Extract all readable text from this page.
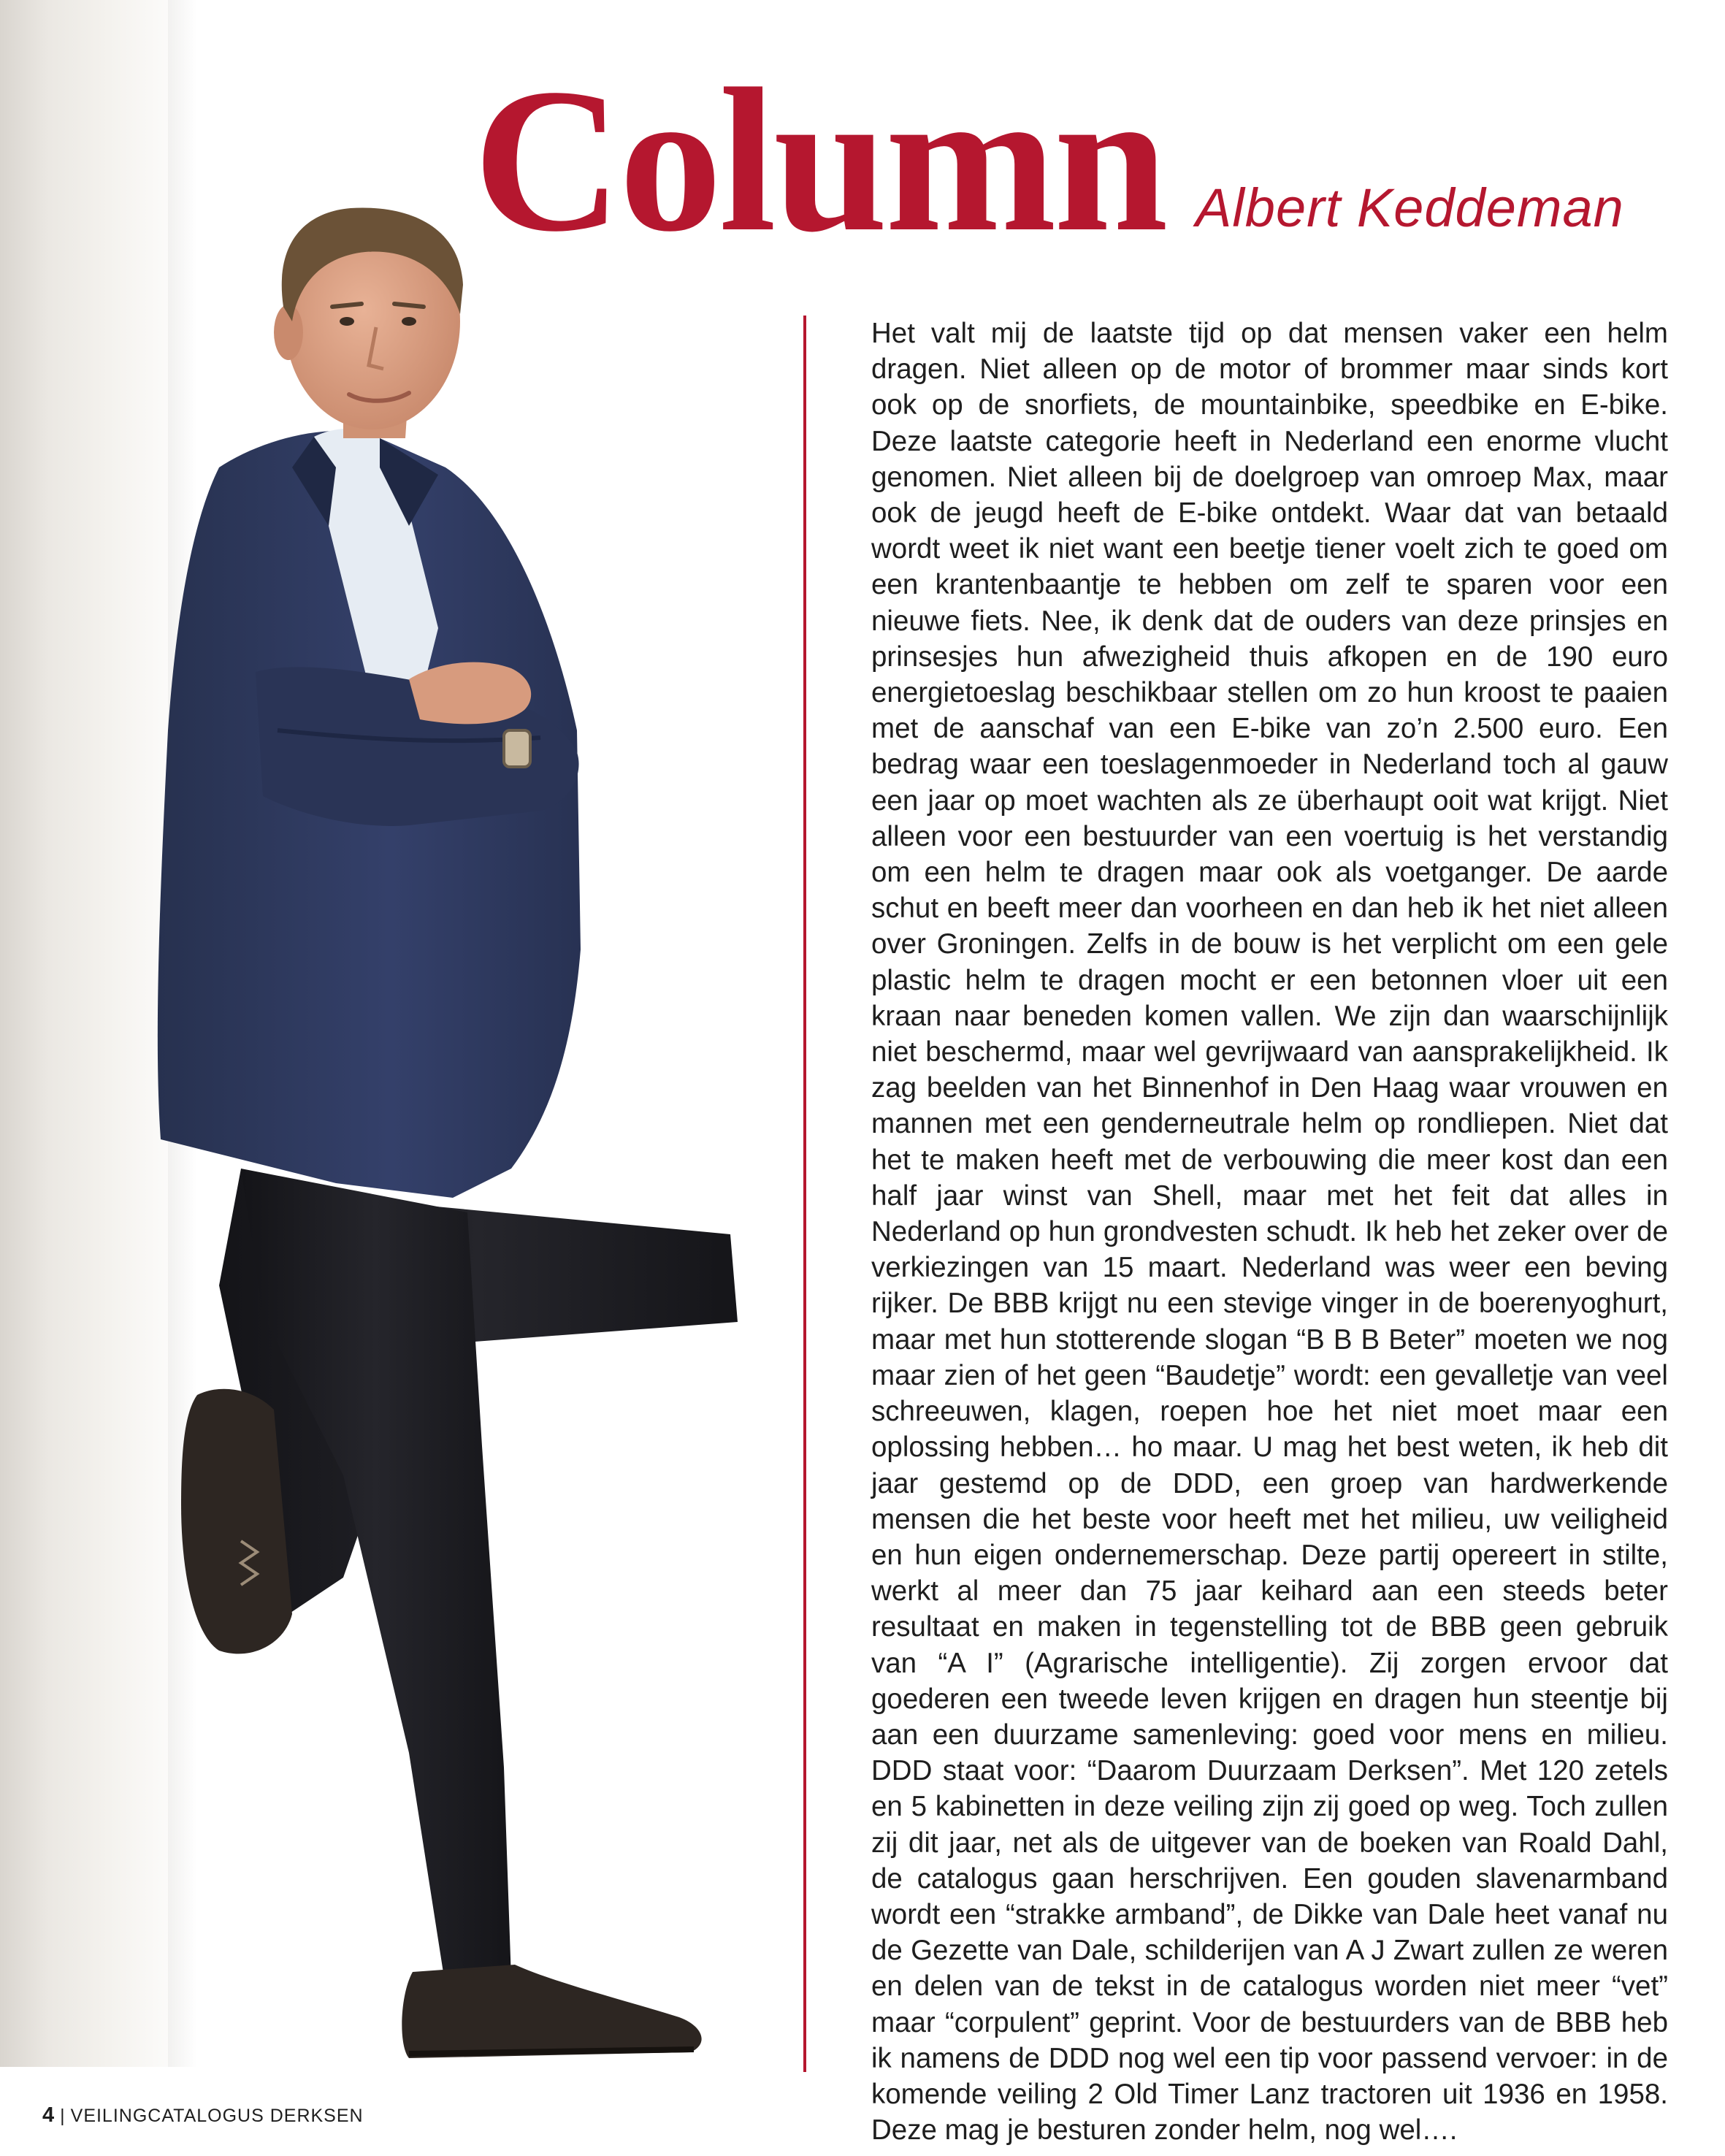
Column Albert Keddeman

Het valt mij de laatste tijd op dat mensen vaker een helm dragen. Niet alleen op de motor of brommer maar sinds kort ook op de snorfiets, de mountainbike, speedbike en E-bike. Deze laatste categorie heeft in Nederland een enorme vlucht genomen. Niet alleen bij de doelgroep van omroep Max, maar ook de jeugd heeft de E-bike ontdekt. Waar dat van betaald wordt weet ik niet want een beetje tiener voelt zich te goed om een krantenbaantje te hebben om zelf te sparen voor een nieuwe fiets. Nee, ik denk dat de ouders van deze prinsjes en prinsesjes hun afwezigheid thuis afkopen en de 190 euro energietoeslag beschikbaar stellen om zo hun kroost te paaien met de aanschaf van een E-bike van zo’n 2.500 euro. Een bedrag waar een toeslagenmoeder in Nederland toch al gauw een jaar op moet wachten als ze überhaupt ooit wat krijgt. Niet alleen voor een bestuurder van een voertuig is het verstandig om een helm te dragen maar ook als voetganger. De aarde schut en beeft meer dan voorheen en dan heb ik het niet alleen over Groningen. Zelfs in de bouw is het verplicht om een gele plastic helm te dragen mocht er een betonnen vloer uit een kraan naar beneden komen vallen. We zijn dan waarschijnlijk niet beschermd, maar wel gevrijwaard van aansprakelijkheid. Ik zag beelden van het Binnenhof in Den Haag waar vrouwen en mannen met een genderneutrale helm op rondliepen. Niet dat het te maken heeft met de verbouwing die meer kost dan een half jaar winst van Shell, maar met het feit dat alles in Nederland op hun grondvesten schudt. Ik heb het zeker over de verkiezingen van 15 maart. Nederland was weer een beving rijker. De BBB krijgt nu een stevige vinger in de boerenyoghurt, maar met hun stotterende slogan “B B B Beter” moeten we nog maar zien of het geen “Baudetje” wordt: een gevalletje van veel schreeuwen, klagen, roepen hoe het niet moet maar een oplossing hebben… ho maar. U mag het best weten, ik heb dit jaar gestemd op de DDD, een groep van hardwerkende mensen die het beste voor heeft met het milieu, uw veiligheid en hun eigen ondernemerschap. Deze partij opereert in stilte, werkt al meer dan 75 jaar keihard aan een steeds beter resultaat en maken in tegenstelling tot de BBB geen gebruik van “A I” (Agrarische intelligentie). Zij zorgen ervoor dat goederen een tweede leven krijgen en dragen hun steentje bij aan een duurzame samenleving: goed voor mens en milieu. DDD staat voor: “Daarom Duurzaam Derksen”. Met 120 zetels en 5 kabinetten in deze veiling zijn zij goed op weg. Toch zullen zij dit jaar, net als de uitgever van de boeken van Roald Dahl, de catalogus gaan herschrijven. Een gouden slavenarmband wordt een “strakke armband”, de Dikke van Dale heet vanaf nu de Gezette van Dale, schilderijen van A J Zwart zullen ze weren en delen van de tekst in de catalogus worden niet meer “vet” maar “corpulent” geprint. Voor de bestuurders van de BBB heb ik namens de DDD nog wel een tip voor passend vervoer: in de komende veiling 2 Old Timer Lanz tractoren uit 1936 en 1958. Deze mag je besturen zonder helm, nog wel….

4 | VEILINGCATALOGUS DERKSEN
